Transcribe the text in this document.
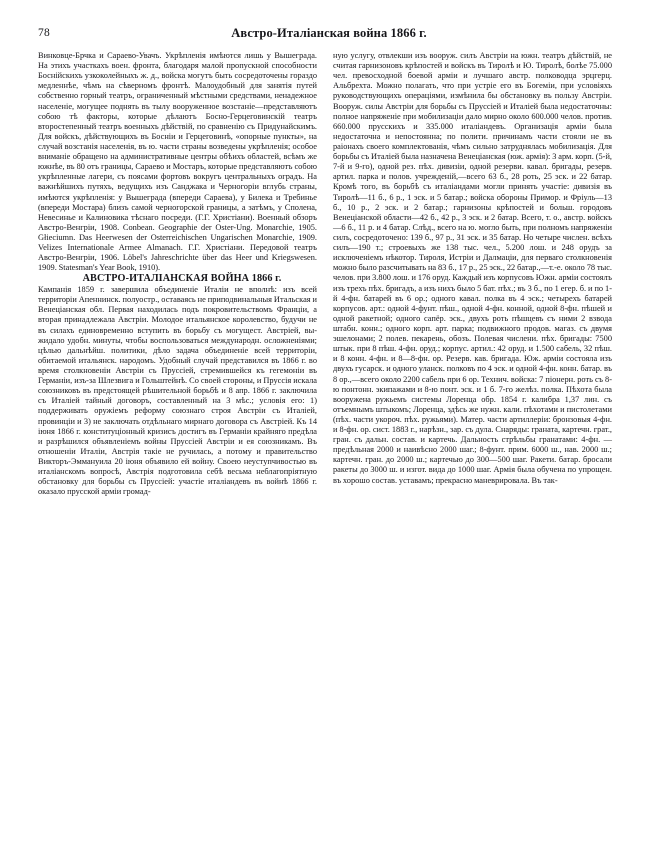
78	Австро-Италіанская война 1866 г.

Винковце-Брчка и Сараево-Увачъ. Укрѣпленія имѣются лишь у Вышеграда. На этихъ участкахъ воен. фронта, благодаря малой пропускной способности Боснійскихъ узкоколейныхъ ж. д., войска могутъ быть сосредоточены гораздо медленнѣе, чѣмъ на сѣверномъ фронтѣ. Малоудобный для занятія путей собственно горный театръ, ограниченный мѣстными средствами, ненадежное населеніе, могущее поднять въ тылу вооруженное возстаніе—представляютъ собою тѣ факторы, которые дѣлаютъ Босно-Герцеговинскій театръ второстепенный театръ военныхъ дѣйствій, по сравненію съ Придунайскимъ. Для войскъ, дѣйствующихъ въ Босніи и Герцеговинѣ, «опорные пункты», на случай возстанія населенія, въ ю. части страны возведены укрѣпленія; особое вниманіе обращено на административные центры обѣихъ областей, всѣмъ же южнѣе, въ 80 отъ границы, Сараево и Мостаръ, которые представляютъ собою укрѣпленные лагери, съ поясами фортовъ вокругъ центральныхъ оградъ. На важнѣйшихъ путяхъ, ведущихъ изъ Санджака и Черногоріи вглубь страны, имѣются укрѣпленія: у Вышеграда (впереди Сараева), у Билека и Требинье (впереди Мостара) близъ самой черногорской границы, а затѣмъ, у Сполена, Невесинье и Калиновика тѣснаго посреди. (Г.Г. Христіани). Военный обзоръ Австро-Венгріи, 1908. Conbean. Geographie der Oster-Ung. Monarchie, 1905. Głieciumn. Das Heerwesen der Osterreichischen Ungarischen Monarchie, 1909. Velizes Internationale Armee Almanach. Г.Г. Христіани. Передовой театръ Австро-Венгріи, 1906. Löbel's Jahreschrichte über das Heer und Kriegswesen. 1909. Statesman's Year Book, 1910).

АВСТРО-ИТАЛІАНСКАЯ ВОЙНА 1866 г.

Кампанія 1859 г. завершила объединеніе Италіи не вполнѣ: изъ всей территоріи Апеннинск. полуостр., оставаясь не приподвинальныя Итальская и Венеціанская обл. Первая находилась подъ покровительствомъ Франціи, а вторая принадлежала Австріи. Молодое итальянское королевство, будучи не въ силахъ единовременно вступить въ борьбу съ могущест. Австріей, выжидало удобн. минуты, чтобы воспользоваться международн. осложненіями; цѣлью дальнѣйш. политики, дѣло задача объединеніе всей территоріи, обитаемой итальянск. народомъ. Удобный случай представился въ 1866 г. во время столкновеніи Австріи съ Пруссіей, стремившейся къ гегемоніи въ Германіи, изъ-за Шлезвига и Гольштейнѣ. Со своей стороны, и Пруссія искала союзниковъ въ предстоящей рѣшительной борьбѣ и 8 апр. 1866 г. заключила съ Италіей тайный договоръ, составленный на 3 мѣс.; условія его: 1) поддерживать оружіемъ реформу союзнаго строя Австріи съ Италіей, провинціи и 3) не заключать отдѣльнаго мирнаго договора съ Австріей. Къ 14 іюня 1866 г. конституціонный кризисъ достигъ въ Германіи крайняго предѣла и разрѣшился объявленіемъ войны Пруссіей Австріи и ея союзникамъ. Въ отношеніи Италіи, Австрія такіе не ручилась, а потому и правительство Викторъ-Эммануила 20 іюня объявило ей войну. Своею неуступчивостью въ италіанскомъ вопросѣ, Австрія подготовила себѣ весьма неблагопріятную обстановку для борьбы съ Пруссіей: участіе италіандевъ въ войнѣ 1866 г. оказало прусской арміи громад-

ную услугу, отвлекши изъ вооруж. силъ Австріи на южн. театръ дѣйствій, не считая гарнизоновъ крѣпостей и войскъ въ Тиролѣ и Ю. Тиролѣ, болѣе 75.000 чел. превосходной боевой арміи и лучшаго австр. полководца эрцгерц. Альбрехта. Можно полагать, что при устріе его въ Богеміи, при условіяхъ руководствующихъ операціями, измѣнила бы обстановку въ пользу Австріи. Вооруж. силы Австріи для борьбы съ Пруссіей и Италіей была недостаточны: полное напряженіе при мобилизаціи дало мирно около 600.000 челов. против. 660.000 прусскихъ и 335.000 италіандевъ. Организація арміи была недостаточна и непостоянна; по полити. причинамъ части стояли не въ раіонахъ своего комплектованія, чѣмъ сильно затруднялась мобилизація. Для борьбы съ Италіей была назначена Венеціанская (юж. армія): 3 арм. корп. (5-й, 7-й и 9-го), одной рез. пѣх. дивизіи, одной резерви. кавал. бригады, резерв. артил. парка и полов. учрежденій,—всего 63 б., 28 роть, 25 эск. и 22 батар. Кромѣ того, въ борьбѣ съ италіандами могли принять участіе: дивизія въ Тиролѣ—11 б., 6 р., 1 эск. и 5 батар.; войска обороны Примор. и Фріуль—13 б., 10 р., 2 эск. и 2 батар.; гарнизоны крѣпостей и больш. городовъ Венеціанской области—42 б., 42 р., 3 эск. и 2 батар. Всего, т. о., австр. войскъ—6 б., 11 р. и 4 батар. Слѣд., всего на ю. могло быть, при полномъ напряженіи силъ, сосредоточено: 139 б., 97 р., 31 эск. и 35 батар. Но четыре числен. всѣхъ силъ—190 т.; строевыхъ же 138 тыс. чел., 5.200 лош. и 248 орудъ за исключеніемъ нѣкотор. Тироля, Истріи и Далмаціи, для перваго столкновенія можно было разсчитывать на 83 б., 17 р., 25 эск., 22 батар.,—т.-е. около 78 тыс. челов. при 3.800 лош. и 176 оруд. Каждый изъ корпусовъ Южн. арміи состоялъ изъ трехъ пѣх. бригадъ, а изъ нихъ было 5 бат. пѣх.; въ 3 б., по 1 егер. б. и по 1-й 4-фн. батарей въ 6 ор.; одного кавал. полка въ 4 эск.; четырехъ батарей корпусов. арт.: одной 4-фунт. пѣш., одной 4-фн. конной, одной 8-фн. пѣшей и одной ракетной; одного сапёр. эск., двухъ роть пѣшцевъ съ ними 2 взвода штабн. конн.; одного корп. арт. парка; подвижного продов. магаз. съ двумя эшелонами; 2 полев. пекарень, обозъ. Полевая числени. пѣх. бригады: 7500 штык. при 8 пѣш. 4-фн. оруд.; корпус. артил.: 42 оруд. и 1.500 сабель, 32 пѣш. и 8 конн. 4-фн. и 8—8-фн. ор. Резерв. кав. бригада. Юж. арміи состояла изъ двухъ гусарск. и одного уланск. полковъ по 4 эск. и одной 4-фн. конн. батар. въ 8 ор.,—всего около 2200 сабель при 6 ор. Технич. войска: 7 піонерн. роть съ 8-ю понтонн. экипажами и 8-ю понт. эск. и 1 б. 7-го желѣз. полка. Пѣхота была вооружена ружьемъ системы Лоренца обр. 1854 г. калибра 1,37 лин. съ отъемнымъ штыкомъ; Лоренца, здѣсь же нужн. кали. пѣхотами и пистолетами (пѣх. части укороч. пѣх. ружьями). Матер. части артиллеріи: бронзовыя 4-фн. и 8-фн. ор. сист. 1883 г., нарѣзн., зар. съ дула. Снаряды: граната, картечн. грат., гран. съ дальн. состав. и картечь. Дальность стрѣльбы гранатами: 4-фн. — предѣльная 2000 и наивѣсно 2000 шаг.; 8-фунт. прим. 6000 ш., нав. 2000 ш.; картечн. гран. до 2000 ш.; картечью до 300—500 шаг. Ракети. батар. бросали ракеты до 3000 ш. и изгот. вида до 1000 шаг. Армія была обучена по упрощен. въ хорошо состав. уставамъ; прекрасно маневрировала. Въ так-
